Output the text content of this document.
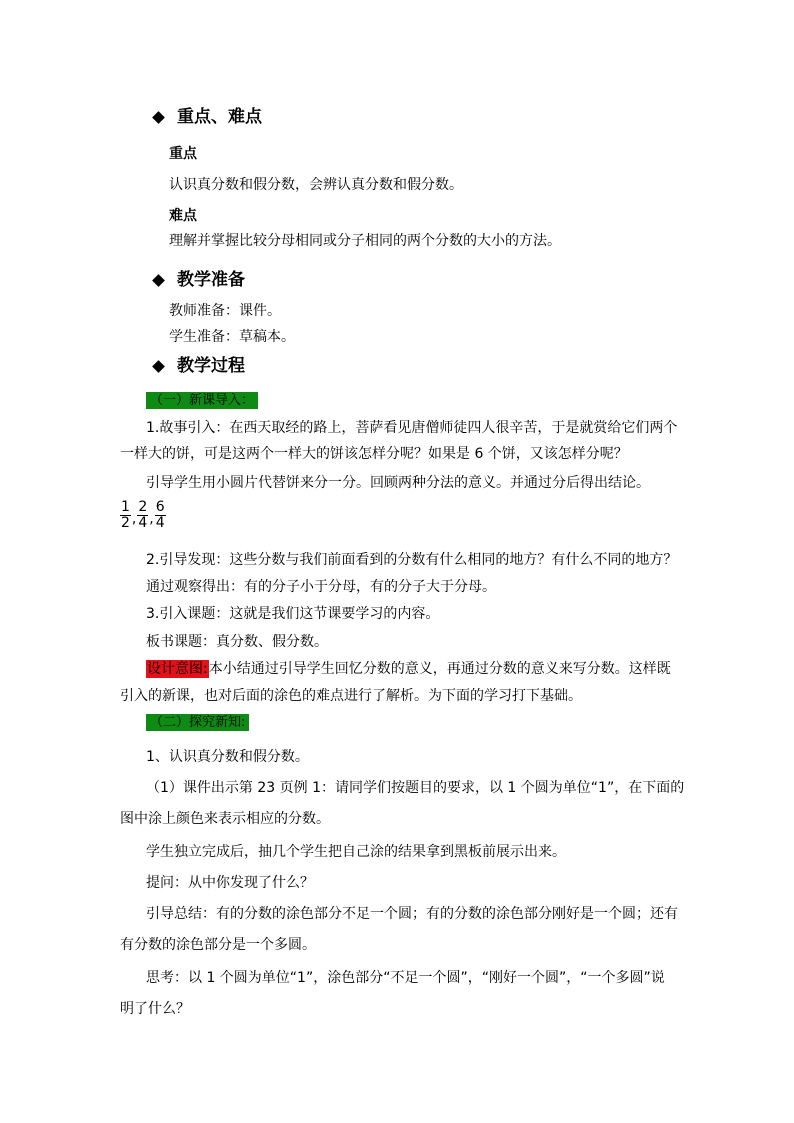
重点、难点
重点
认识真分数和假分数，会辨认真分数和假分数。
难点
理解并掌握比较分母相同或分子相同的两个分数的大小的方法。
教学准备
教师准备：课件。
学生准备：草稿本。
教学过程
（一）新课导入：
1.故事引入：在西天取经的路上，菩萨看见唐僧师徒四人很辛苦，于是就赏给它们两个
一样大的饼，可是这两个一样大的饼该怎样分呢？如果是 6 个饼，又该怎样分呢？
引导学生用小圆片代替饼来分一分。回顾两种分法的意义。并通过分后得出结论。
$\frac{1}{2}$ , $\frac{2}{4}$ , $\frac{6}{4}$
2.引导发现：这些分数与我们前面看到的分数有什么相同的地方？有什么不同的地方？
通过观察得出：有的分子小于分母，有的分子大于分母。
3.引入课题：这就是我们这节课要学习的内容。
板书课题：真分数、假分数。
设计意图:本小结通过引导学生回忆分数的意义，再通过分数的意义来写分数。这样既
引入的新课，也对后面的涂色的难点进行了解析。为下面的学习打下基础。
（二）探究新知:
1、认识真分数和假分数。
（1）课件出示第 23 页例 1：请同学们按题目的要求，以 1 个圆为单位“1”，在下面的
图中涂上颜色来表示相应的分数。
学生独立完成后，抽几个学生把自己涂的结果拿到黑板前展示出来。
提问：从中你发现了什么？
引导总结：有的分数的涂色部分不足一个圆；有的分数的涂色部分刚好是一个圆；还有
有分数的涂色部分是一个多圆。
思考：以 1 个圆为单位“1”，涂色部分“不足一个圆”，“刚好一个圆”，“一个多圆”说
明了什么？
